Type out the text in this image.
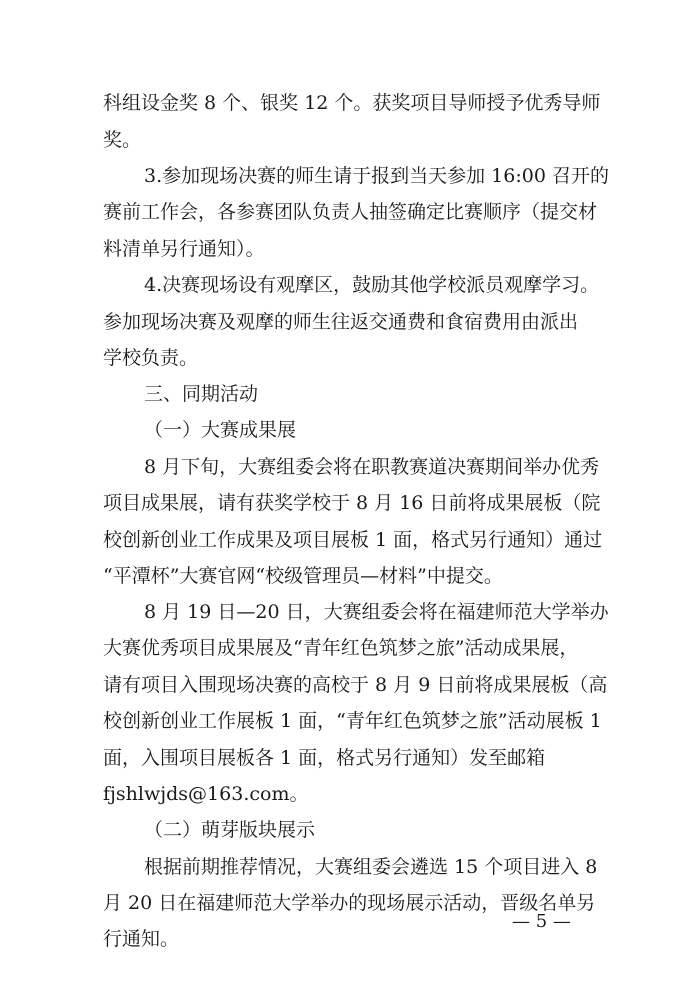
科组设金奖 8 个、银奖 12 个。获奖项目导师授予优秀导师
奖。
3.参加现场决赛的师生请于报到当天参加 16:00 召开的
赛前工作会，各参赛团队负责人抽签确定比赛顺序（提交材
料清单另行通知）。
4.决赛现场设有观摩区，鼓励其他学校派员观摩学习。
参加现场决赛及观摩的师生往返交通费和食宿费用由派出
学校负责。
三、同期活动
（一）大赛成果展
8 月下旬，大赛组委会将在职教赛道决赛期间举办优秀
项目成果展，请有获奖学校于 8 月 16 日前将成果展板（院
校创新创业工作成果及项目展板 1 面，格式另行通知）通过
“平潭杯”大赛官网“校级管理员—材料”中提交。
8 月 19 日—20 日，大赛组委会将在福建师范大学举办
大赛优秀项目成果展及“青年红色筑梦之旅”活动成果展，
请有项目入围现场决赛的高校于 8 月 9 日前将成果展板（高
校创新创业工作展板 1 面，“青年红色筑梦之旅”活动展板 1
面，入围项目展板各 1 面，格式另行通知）发至邮箱
fjshlwjds@163.com。
（二）萌芽版块展示
根据前期推荐情况，大赛组委会遴选 15 个项目进入 8
月 20 日在福建师范大学举办的现场展示活动，晋级名单另
行通知。
— 5 —
